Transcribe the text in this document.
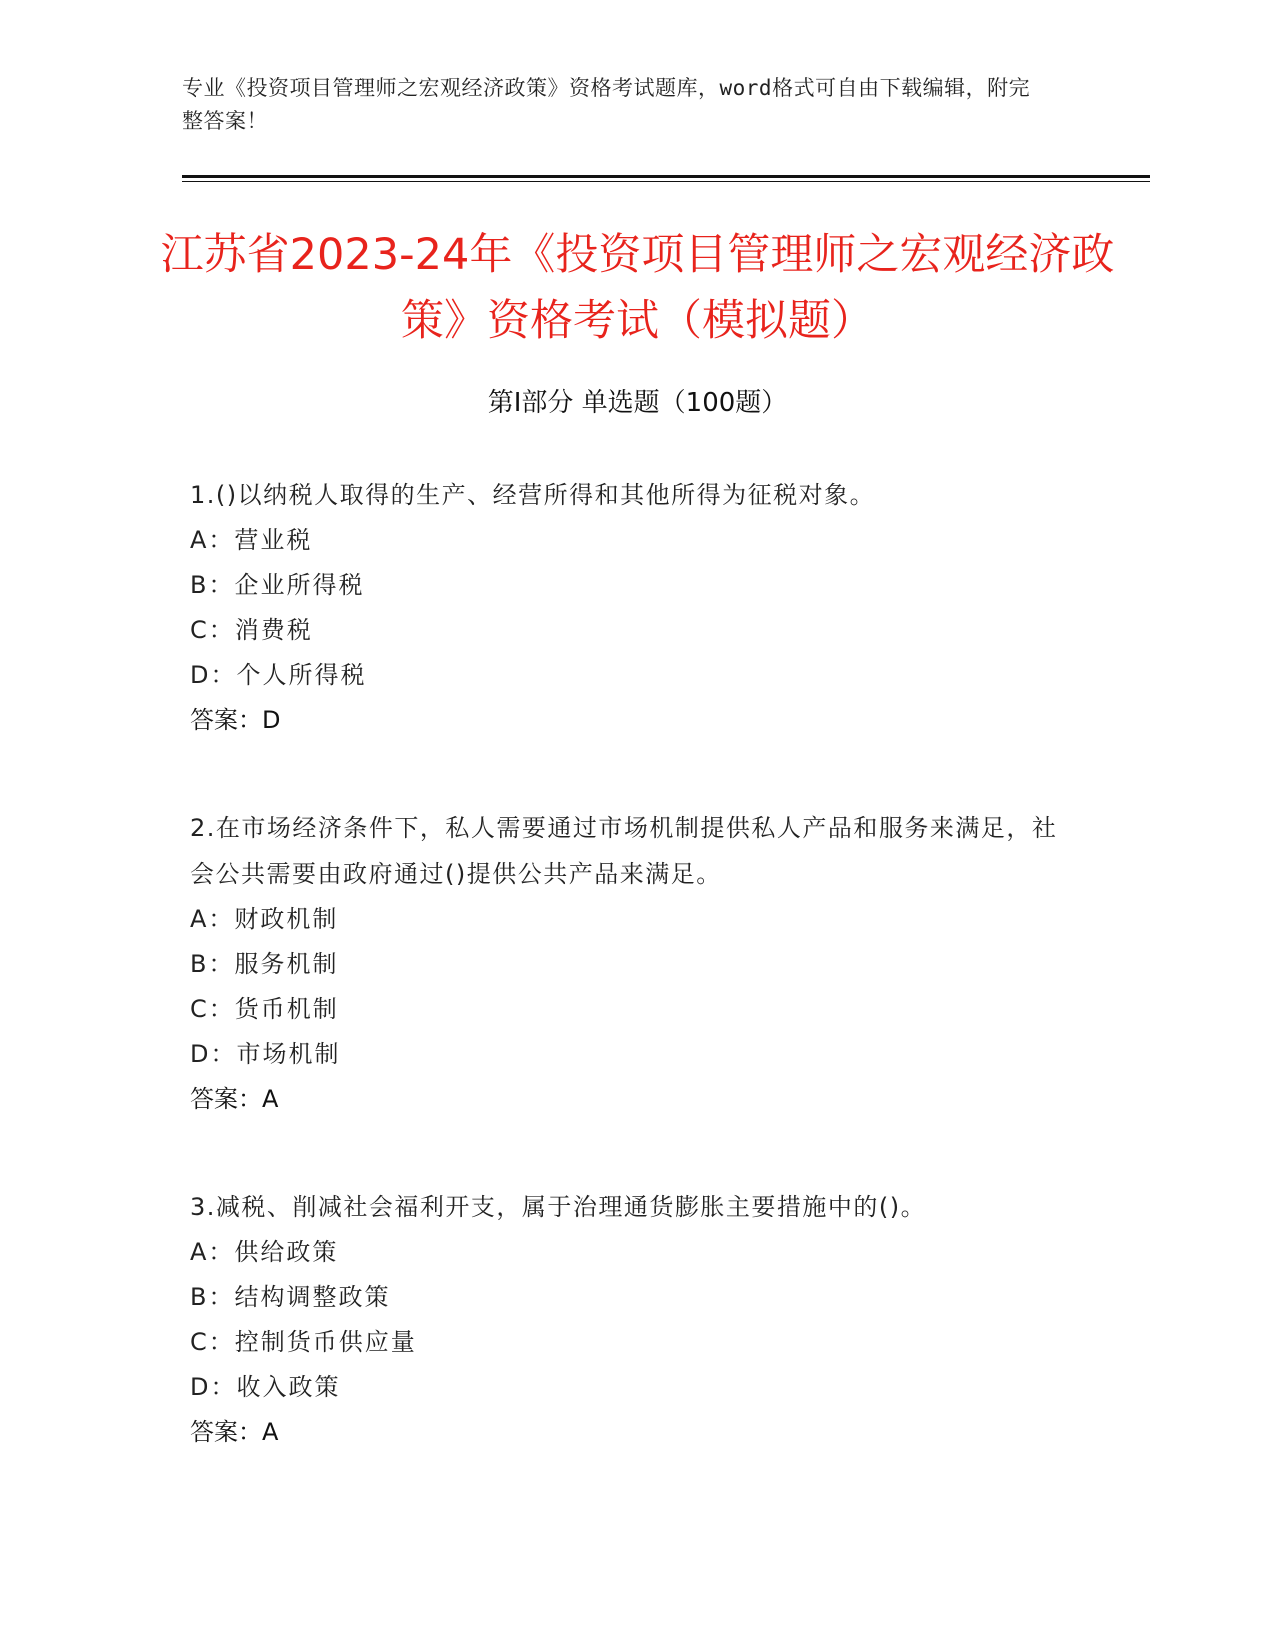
专业《投资项目管理师之宏观经济政策》资格考试题库，word格式可自由下载编辑，附完整答案！
江苏省2023-24年《投资项目管理师之宏观经济政策》资格考试（模拟题）
第Ⅰ部分 单选题（100题）
1.()以纳税人取得的生产、经营所得和其他所得为征税对象。
A：营业税
B：企业所得税
C：消费税
D：个人所得税
答案：D
2.在市场经济条件下，私人需要通过市场机制提供私人产品和服务来满足，社会公共需要由政府通过()提供公共产品来满足。
A：财政机制
B：服务机制
C：货币机制
D：市场机制
答案：A
3.减税、削减社会福利开支，属于治理通货膨胀主要措施中的()。
A：供给政策
B：结构调整政策
C：控制货币供应量
D：收入政策
答案：A
